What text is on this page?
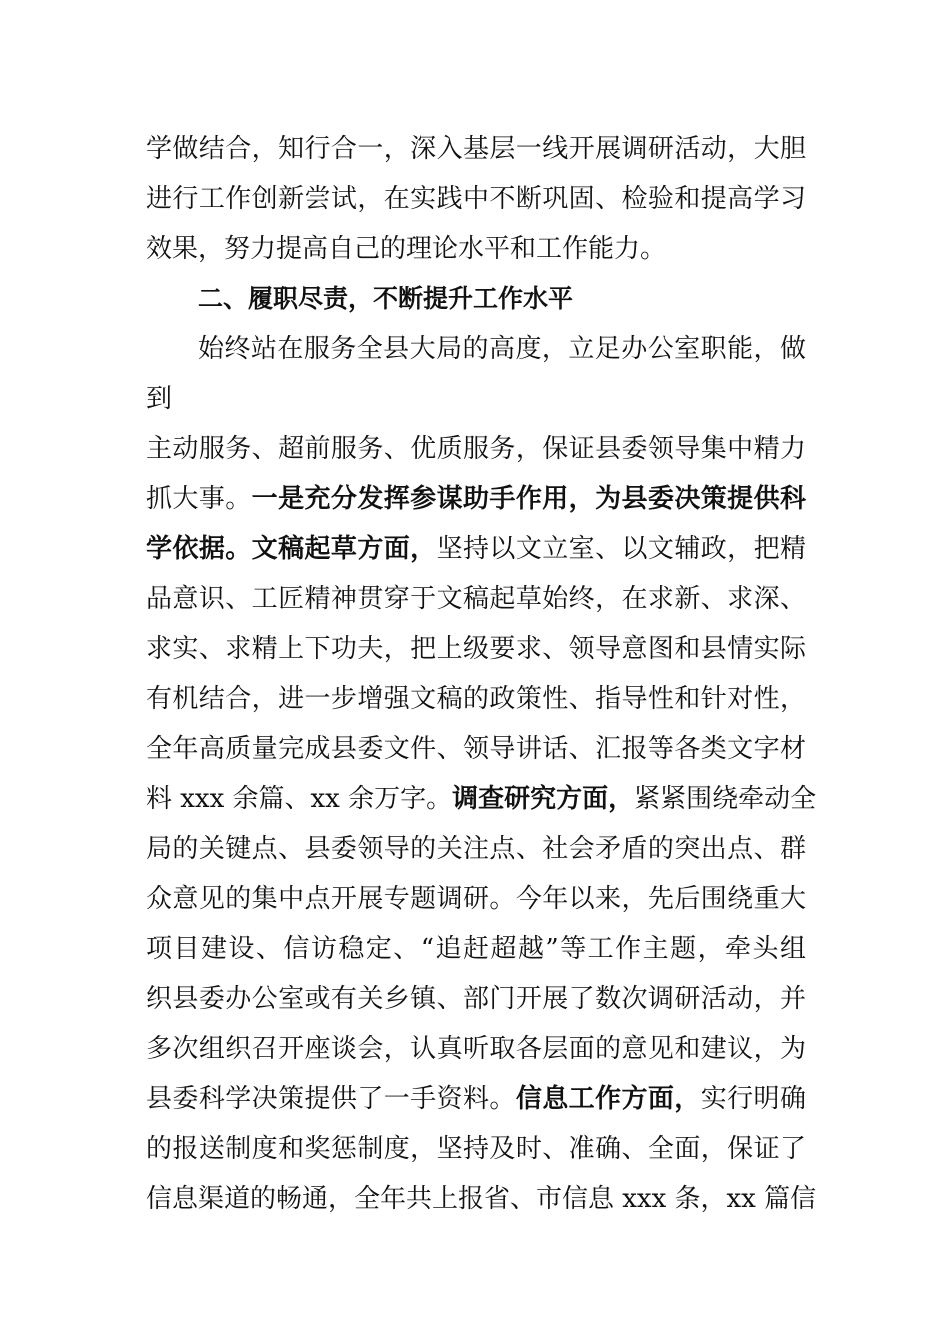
学做结合，知行合一，深入基层一线开展调研活动，大胆
进行工作创新尝试，在实践中不断巩固、检验和提高学习
效果，努力提高自己的理论水平和工作能力。
二、履职尽责，不断提升工作水平
始终站在服务全县大局的高度，立足办公室职能，做
到
主动服务、超前服务、优质服务，保证县委领导集中精力
抓大事。一是充分发挥参谋助手作用，为县委决策提供科
学依据。文稿起草方面，坚持以文立室、以文辅政，把精
品意识、工匠精神贯穿于文稿起草始终，在求新、求深、
求实、求精上下功夫，把上级要求、领导意图和县情实际
有机结合，进一步增强文稿的政策性、指导性和针对性，
全年高质量完成县委文件、领导讲话、汇报等各类文字材
料 xxx 余篇、xx 余万字。调查研究方面，紧紧围绕牵动全
局的关键点、县委领导的关注点、社会矛盾的突出点、群
众意见的集中点开展专题调研。今年以来，先后围绕重大
项目建设、信访稳定、“追赶超越”等工作主题，牵头组
织县委办公室或有关乡镇、部门开展了数次调研活动，并
多次组织召开座谈会，认真听取各层面的意见和建议，为
县委科学决策提供了一手资料。信息工作方面，实行明确
的报送制度和奖惩制度，坚持及时、准确、全面，保证了
信息渠道的畅通，全年共上报省、市信息 xxx 条，xx 篇信
